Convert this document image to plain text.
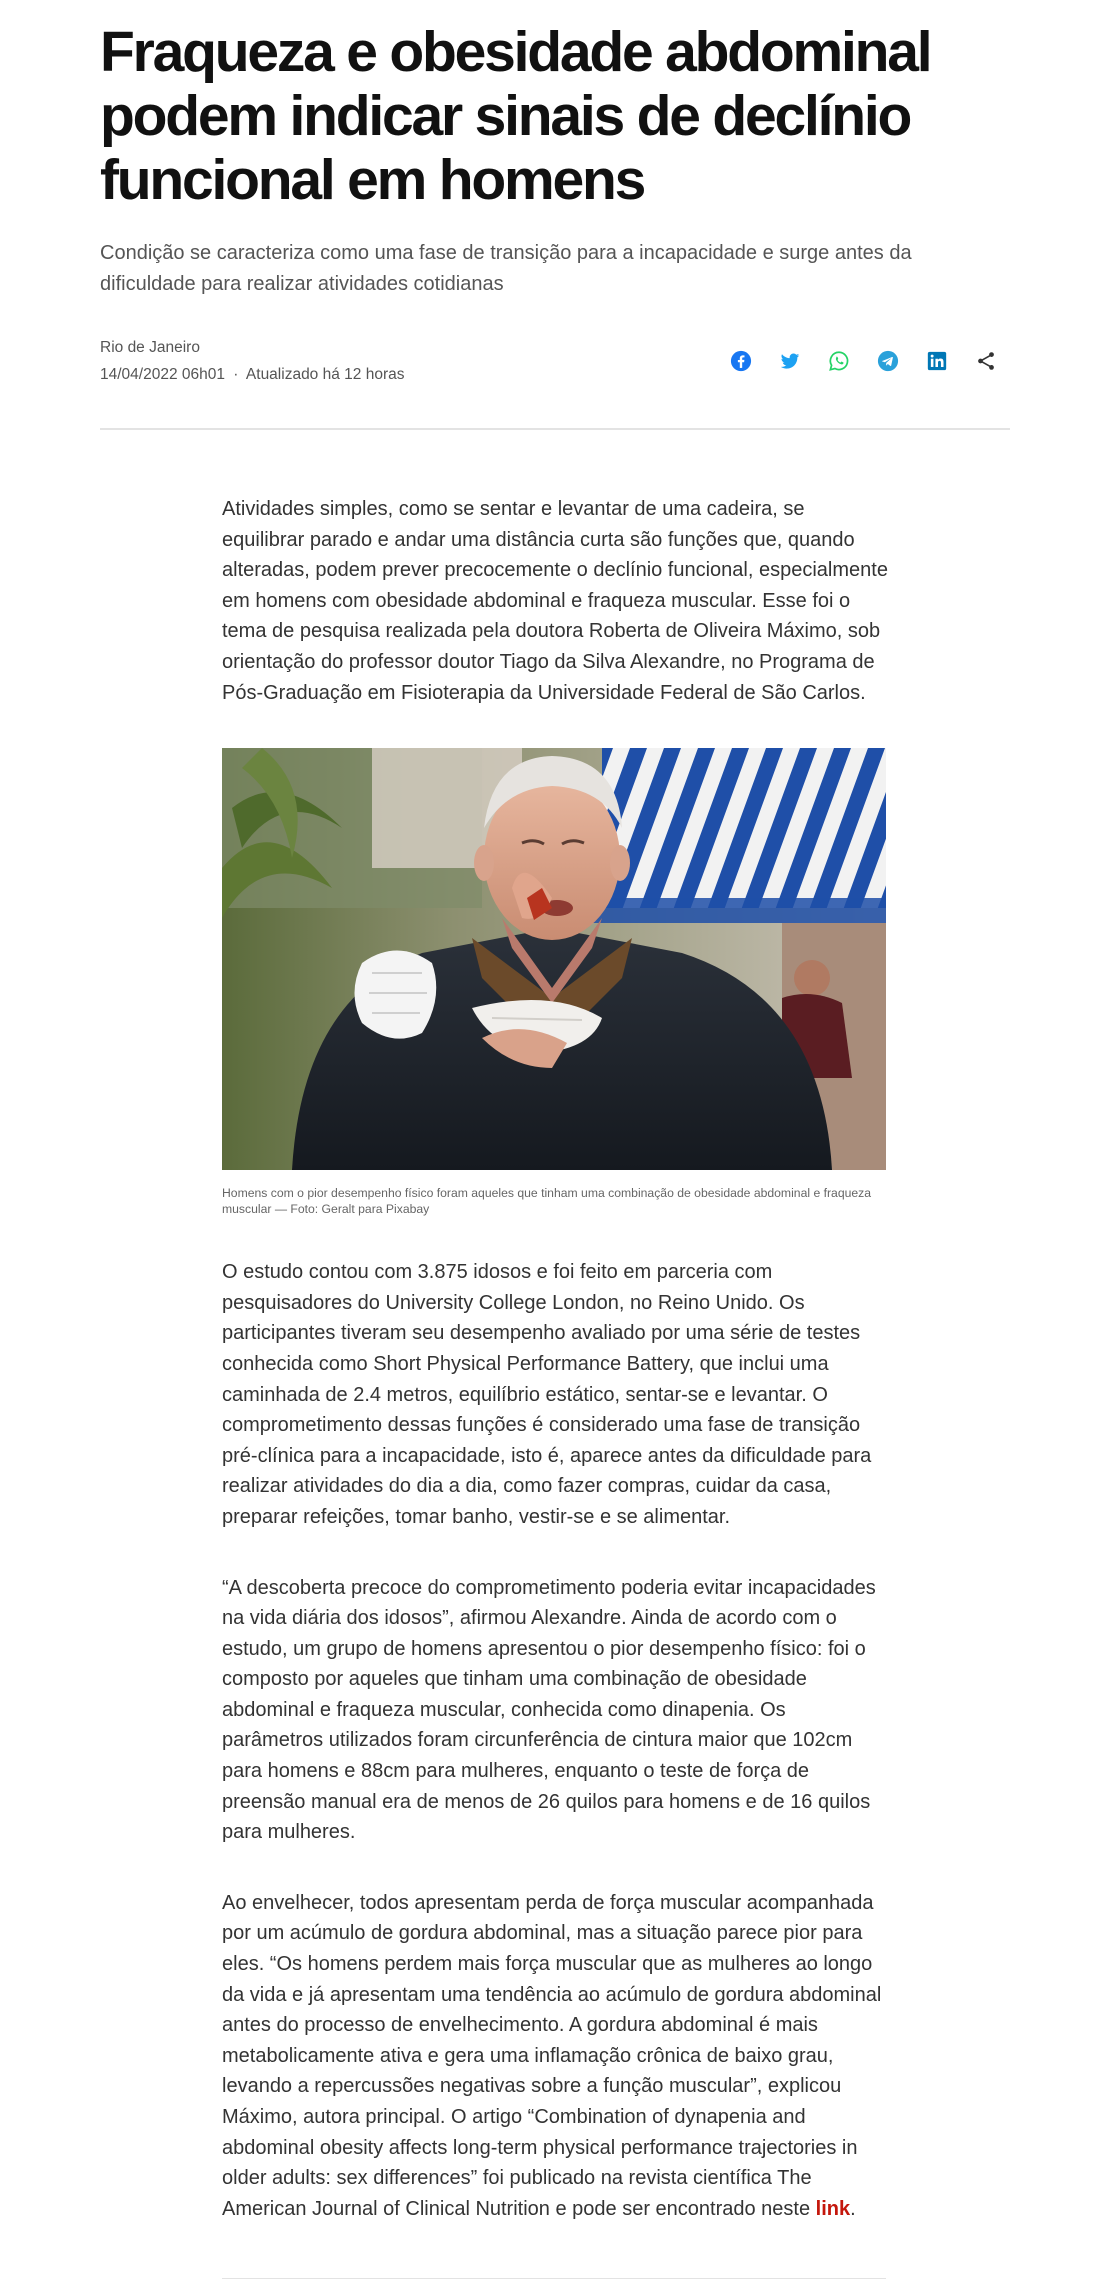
Fraqueza e obesidade abdominal podem indicar sinais de declínio funcional em homens
Condição se caracteriza como uma fase de transição para a incapacidade e surge antes da dificuldade para realizar atividades cotidianas
Rio de Janeiro
14/04/2022 06h01 · Atualizado há 12 horas

Atividades simples, como se sentar e levantar de uma cadeira, se equilibrar parado e andar uma distância curta são funções que, quando alteradas, podem prever precocemente o declínio funcional, especialmente em homens com obesidade abdominal e fraqueza muscular. Esse foi o tema de pesquisa realizada pela doutora Roberta de Oliveira Máximo, sob orientação do professor doutor Tiago da Silva Alexandre, no Programa de Pós-Graduação em Fisioterapia da Universidade Federal de São Carlos.

Homens com o pior desempenho físico foram aqueles que tinham uma combinação de obesidade abdominal e fraqueza muscular — Foto: Geralt para Pixabay

O estudo contou com 3.875 idosos e foi feito em parceria com pesquisadores do University College London, no Reino Unido. Os participantes tiveram seu desempenho avaliado por uma série de testes conhecida como Short Physical Performance Battery, que inclui uma caminhada de 2.4 metros, equilíbrio estático, sentar-se e levantar. O comprometimento dessas funções é considerado uma fase de transição pré-clínica para a incapacidade, isto é, aparece antes da dificuldade para realizar atividades do dia a dia, como fazer compras, cuidar da casa, preparar refeições, tomar banho, vestir-se e se alimentar.

“A descoberta precoce do comprometimento poderia evitar incapacidades na vida diária dos idosos”, afirmou Alexandre. Ainda de acordo com o estudo, um grupo de homens apresentou o pior desempenho físico: foi o composto por aqueles que tinham uma combinação de obesidade abdominal e fraqueza muscular, conhecida como dinapenia. Os parâmetros utilizados foram circunferência de cintura maior que 102cm para homens e 88cm para mulheres, enquanto o teste de força de preensão manual era de menos de 26 quilos para homens e de 16 quilos para mulheres.

Ao envelhecer, todos apresentam perda de força muscular acompanhada por um acúmulo de gordura abdominal, mas a situação parece pior para eles. “Os homens perdem mais força muscular que as mulheres ao longo da vida e já apresentam uma tendência ao acúmulo de gordura abdominal antes do processo de envelhecimento. A gordura abdominal é mais metabolicamente ativa e gera uma inflamação crônica de baixo grau, levando a repercussões negativas sobre a função muscular”, explicou Máximo, autora principal. O artigo “Combination of dynapenia and abdominal obesity affects long-term physical performance trajectories in older adults: sex differences” foi publicado na revista científica The American Journal of Clinical Nutrition e pode ser encontrado neste link.
